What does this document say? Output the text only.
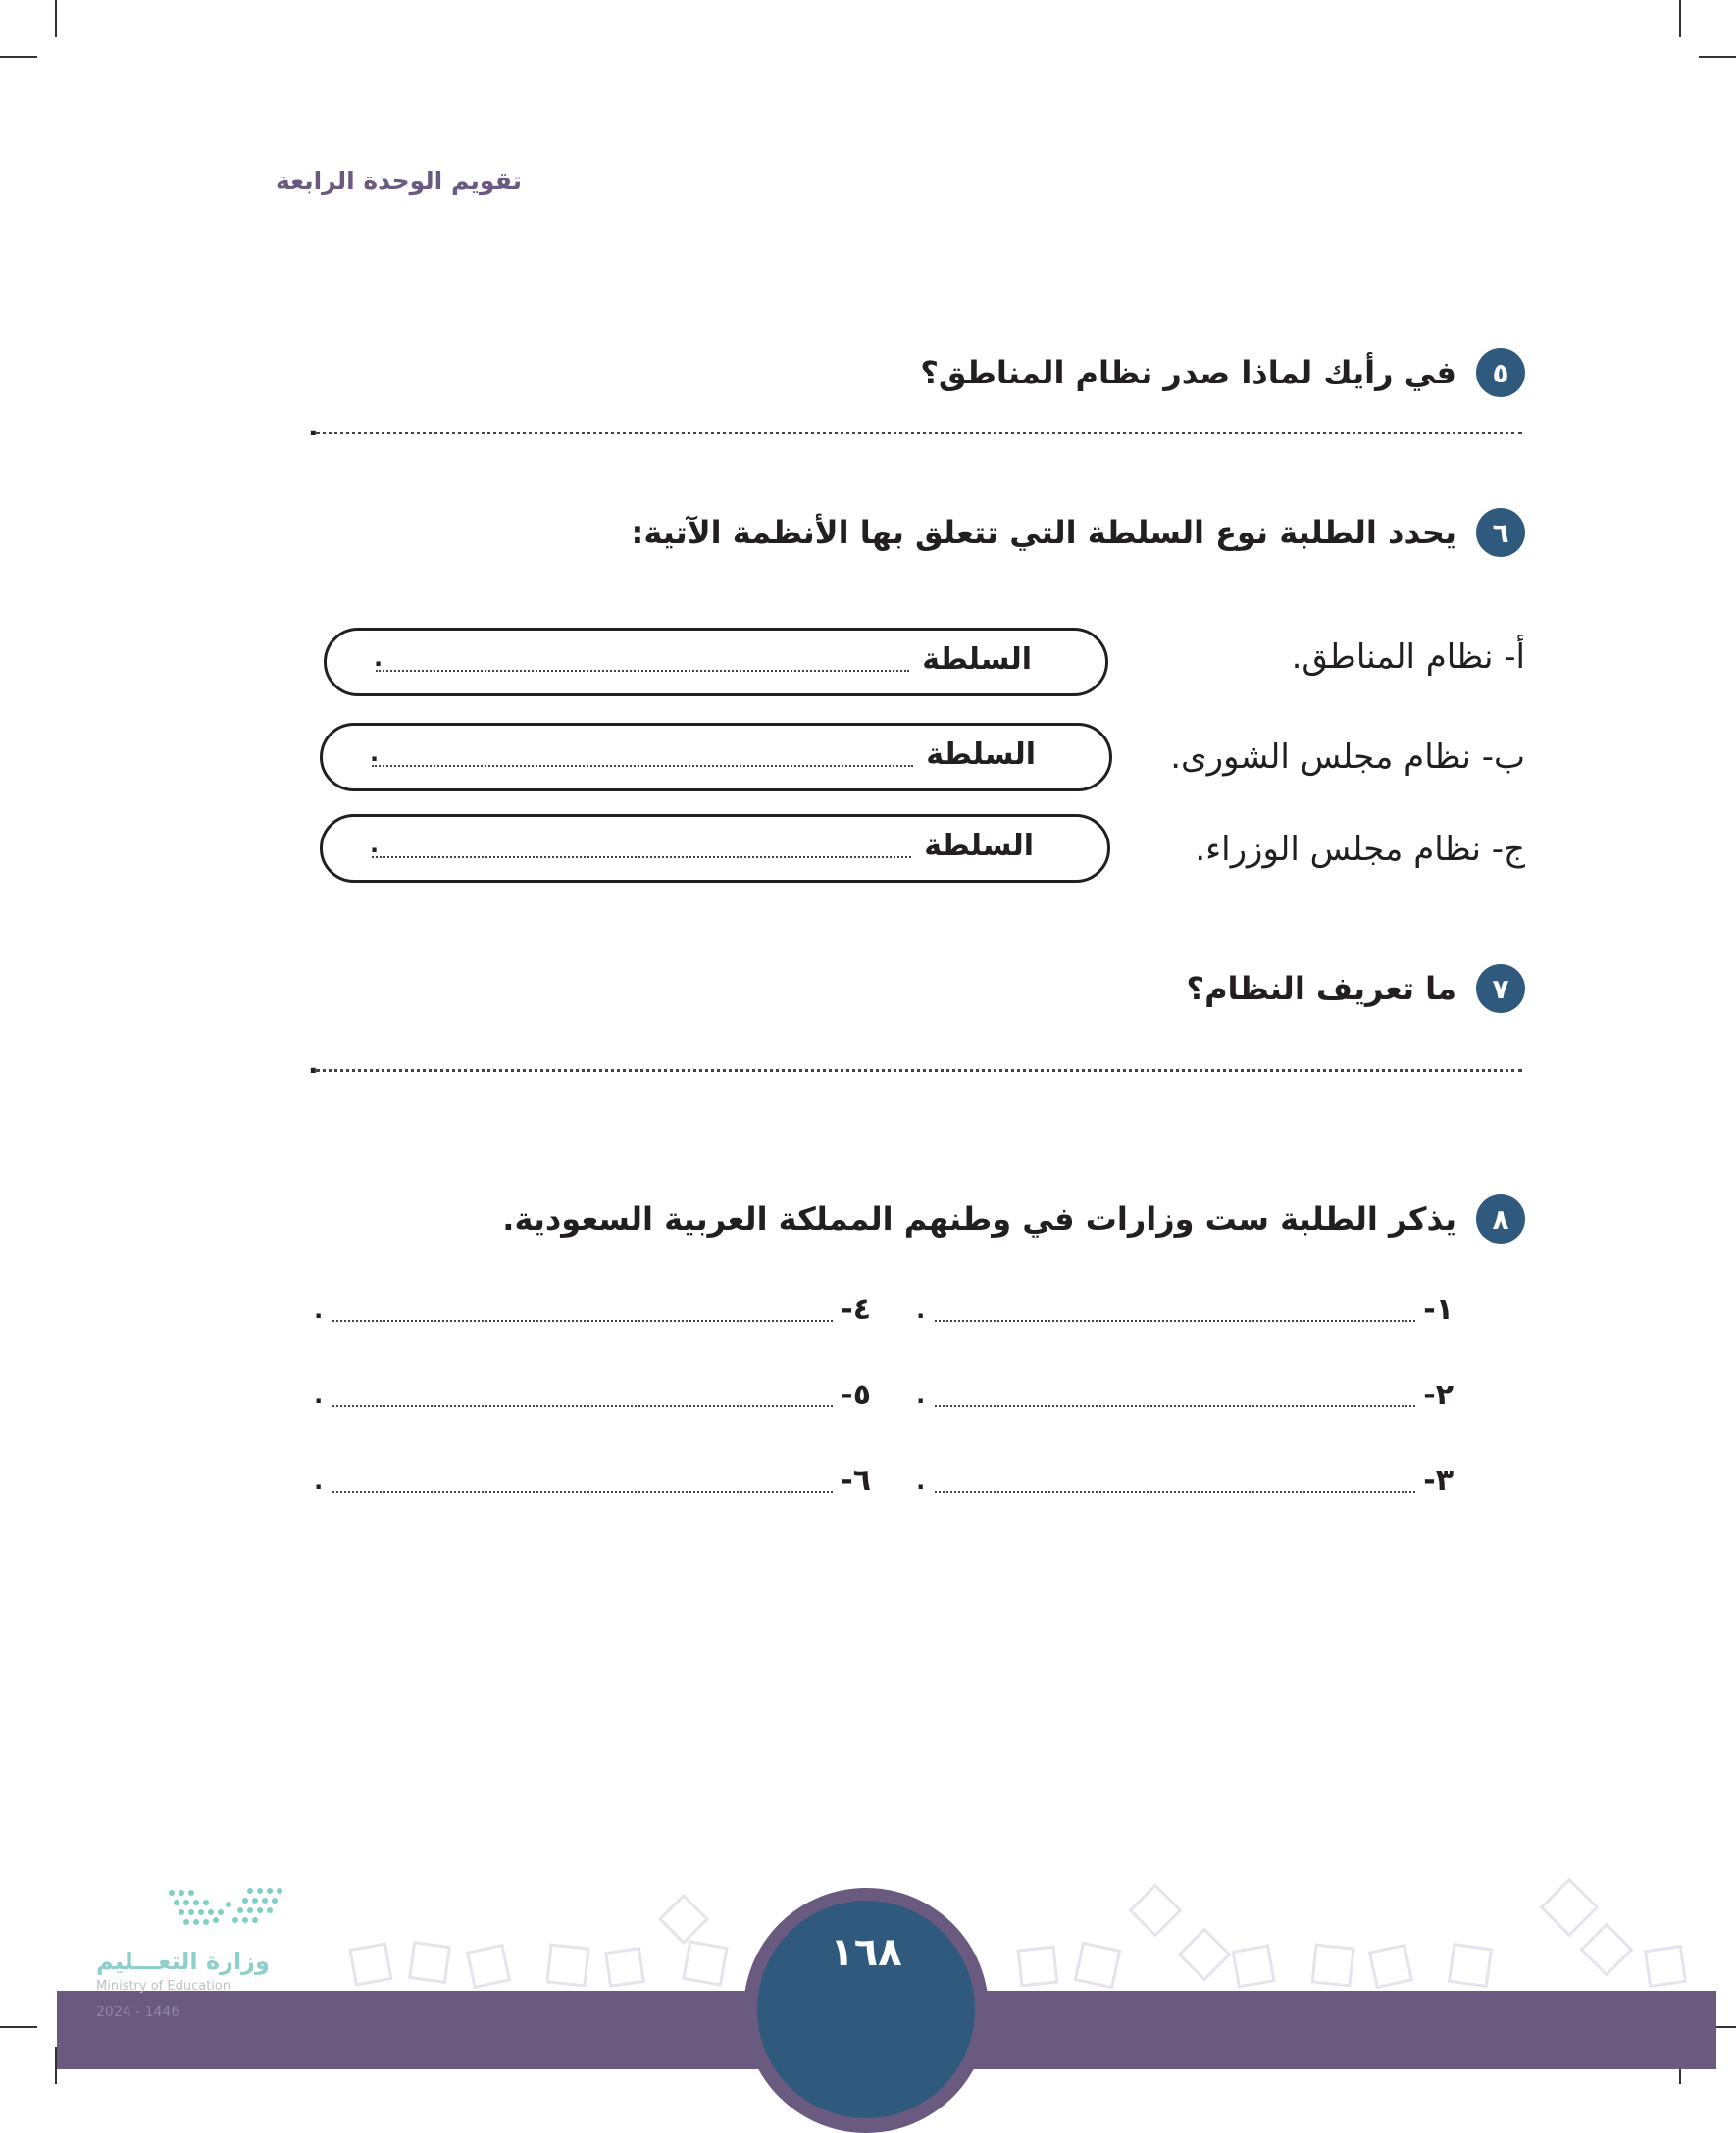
تقويم الوحدة الرابعة
٥
في رأيك لماذا صدر نظام المناطق؟
.
٦
يحدد الطلبة نوع السلطة التي تتعلق بها الأنظمة الآتية:
أ- نظام المناطق.
السلطة
.
ب- نظام مجلس الشورى.
السلطة
.
ج- نظام مجلس الوزراء.
السلطة
.
٧
ما تعريف النظام؟
.
٨
يذكر الطلبة ست وزارات في وطنهم المملكة العربية السعودية.
١-
.
٢-
.
٣-
.
٤-
.
٥-
.
٦-
.
١٦٨
وزارة التعـــليم
Ministry of Education
2024 - 1446
